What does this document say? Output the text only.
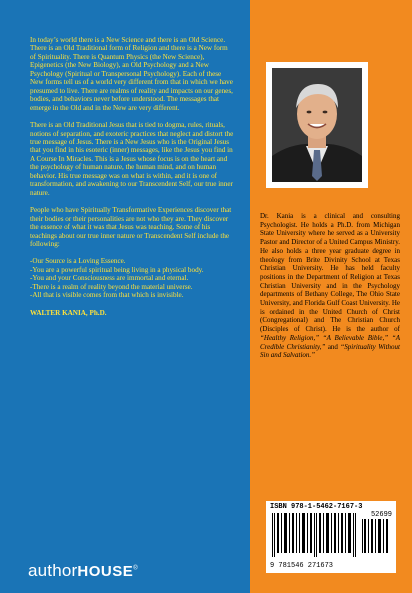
In today’s world there is a New Science and there is an Old Science. There is an Old Traditional form of Religion and there is a New form of Spirituality. There is Quantum Physics (the New Science), Epigenetics (the New Biology), an Old Psychology and a New Psychology (Spiritual or Transpersonal Psychology). Each of these New forms tell us of a world very different from that in which we have presumed to live. There are realms of reality and impacts on our genes, bodies, and behaviors never before understood. The messages that emerge in the Old and in the New are very different.

There is an Old Traditional Jesus that is tied to dogma, rules, rituals, notions of separation, and exoteric practices that neglect and distort the true message of Jesus. There is a New Jesus who is the Original Jesus that you find in his esoteric (inner) messages, like the Jesus you find in A Course In Miracles. This is a Jesus whose focus is on the heart and the psychology of human nature, the human mind, and on human behavior. His true message was on what is within, and it is one of transformation, and awakening to our Transcendent Self, our true inner nature.

People who have Spiritually Transformative Experiences discover that their bodies or their personalities are not who they are. They discover the essence of what it was that Jesus was teaching. Some of his teachings about our true inner nature or Transcendent Self include the following:

-Our Source is a Loving Essence.
-You are a powerful spiritual being living in a physical body.
-You and your Consciousness are immortal and eternal.
-There is a realm of reality beyond the material universe.
-All that is visible comes from that which is invisible.
WALTER KANIA, Ph.D.
authorHOUSE®
Dr. Kania is a clinical and consulting Psychologist. He holds a Ph.D. from Michigan State University where he served as a University Pastor and Director of a United Campus Ministry. He also holds a three year graduate degree in theology from Brite Divinity School at Texas Christian University. He has held faculty positions in the Department of Religion at Texas Christian University and in the Psychology departments of Bethany College, The Ohio State University, and Florida Gulf Coast University. He is ordained in the United Church of Christ (Congregational) and The Christian Church (Disciples of Christ). He is the author of “Healthy Religion,” “A Believable Bible,” “A Credible Christianity,” and “Spirituality Without Sin and Salvation.”
ISBN 978-1-5462-7167-3
52699
9 781546 271673
